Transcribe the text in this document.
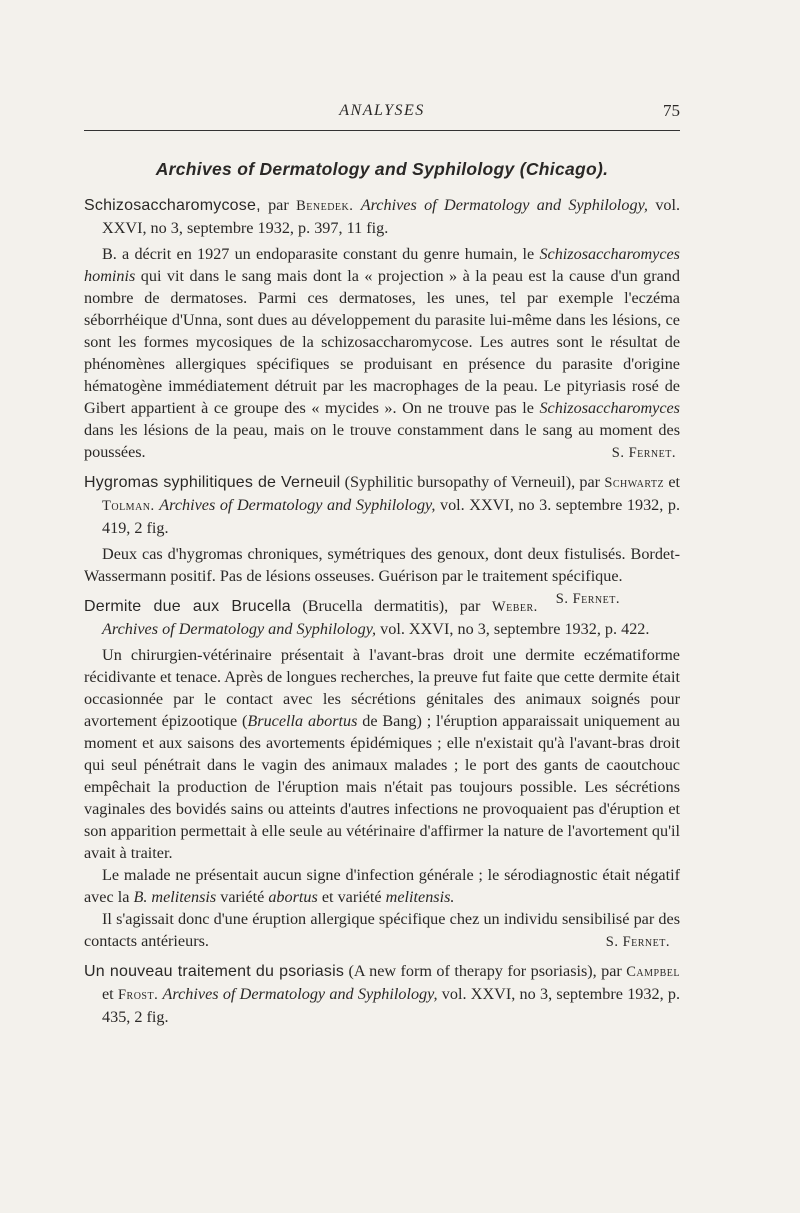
ANALYSES	75
Archives of Dermatology and Syphilology (Chicago).

Schizosaccharomycose, par Benedek. Archives of Dermatology and Syphilology, vol. XXVI, no 3, septembre 1932, p. 397, 11 fig.

B. a décrit en 1927 un endoparasite constant du genre humain, le Schizosaccharomyces hominis qui vit dans le sang mais dont la « projection » à la peau est la cause d'un grand nombre de dermatoses. Parmi ces dermatoses, les unes, tel par exemple l'eczéma séborrhéique d'Unna, sont dues au développement du parasite lui-même dans les lésions, ce sont les formes mycosiques de la schizosaccharomycose. Les autres sont le résultat de phénomènes allergiques spécifiques se produisant en présence du parasite d'origine hématogène immédiatement détruit par les macrophages de la peau. Le pityriasis rosé de Gibert appartient à ce groupe des « mycides ». On ne trouve pas le Schizosaccharomyces dans les lésions de la peau, mais on le trouve constamment dans le sang au moment des poussées.	S. Fernet.

Hygromas syphilitiques de Verneuil (Syphilitic bursopathy of Verneuil), par Schwartz et Tolman. Archives of Dermatology and Syphilology, vol. XXVI, no 3. septembre 1932, p. 419, 2 fig.

Deux cas d'hygromas chroniques, symétriques des genoux, dont deux fistulisés. Bordet-Wassermann positif. Pas de lésions osseuses. Guérison par le traitement spécifique.
S. Fernet.

Dermite due aux Brucella (Brucella dermatitis), par Weber. Archives of Dermatology and Syphilology, vol. XXVI, no 3, septembre 1932, p. 422.

Un chirurgien-vétérinaire présentait à l'avant-bras droit une dermite eczématiforme récidivante et tenace. Après de longues recherches, la preuve fut faite que cette dermite était occasionnée par le contact avec les sécrétions génitales des animaux soignés pour avortement épizootique (Brucella abortus de Bang) ; l'éruption apparaissait uniquement au moment et aux saisons des avortements épidémiques ; elle n'existait qu'à l'avant-bras droit qui seul pénétrait dans le vagin des animaux malades ; le port des gants de caoutchouc empêchait la production de l'éruption mais n'était pas toujours possible. Les sécrétions vaginales des bovidés sains ou atteints d'autres infections ne provoquaient pas d'éruption et son apparition permettait à elle seule au vétérinaire d'affirmer la nature de l'avortement qu'il avait à traiter.

Le malade ne présentait aucun signe d'infection générale ; le sérodiagnostic était négatif avec la B. melitensis variété abortus et variété melitensis.

Il s'agissait donc d'une éruption allergique spécifique chez un individu sensibilisé par des contacts antérieurs.	S. Fernet.

Un nouveau traitement du psoriasis (A new form of therapy for psoriasis), par Campbel et Frost. Archives of Dermatology and Syphilology, vol. XXVI, no 3, septembre 1932, p. 435, 2 fig.
